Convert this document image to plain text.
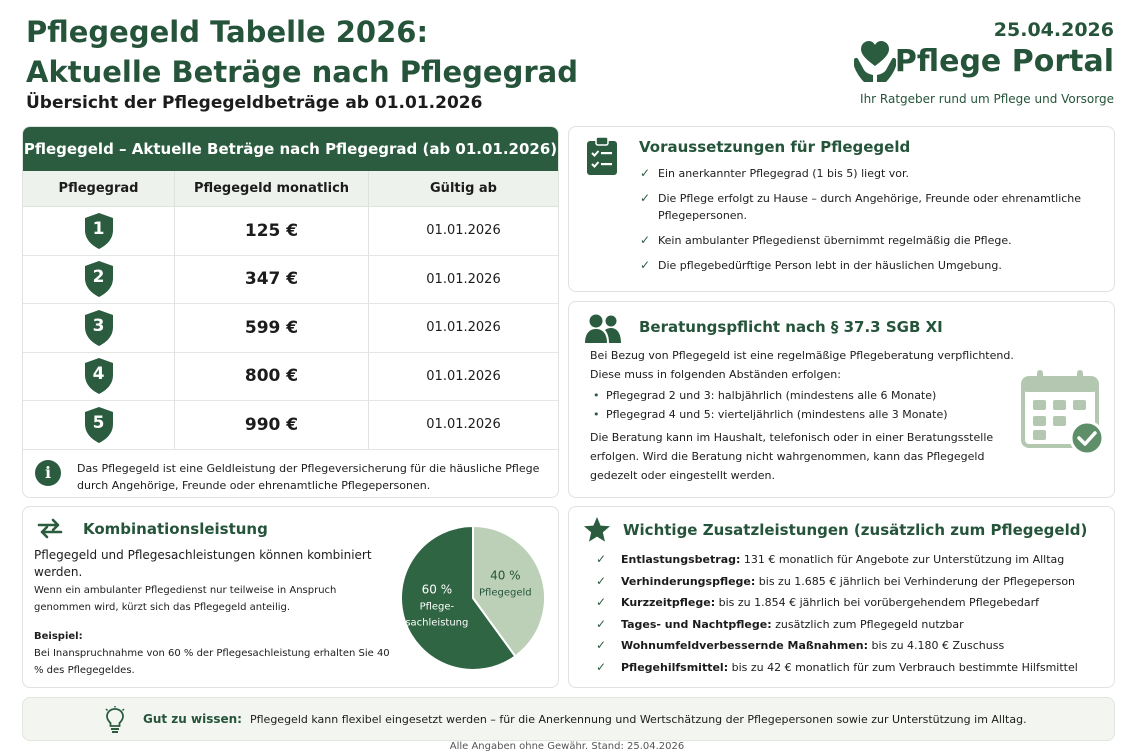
Pflegegeld Tabelle 2026:
Aktuelle Beträge nach Pflegegrad
Übersicht der Pflegegeldbeträge ab 01.01.2026
25.04.2026
Pflege Portal
Ihr Ratgeber rund um Pflege und Vorsorge
Pflegegeld – Aktuelle Beträge nach Pflegegrad (ab 01.01.2026)
Pflegegrad	Pflegegeld monatlich	Gültig ab
1	125 €	01.01.2026
2	347 €	01.01.2026
3	599 €	01.01.2026
4	800 €	01.01.2026
5	990 €	01.01.2026
i	Das Pflegegeld ist eine Geldleistung der Pflegeversicherung für die häusliche Pflege durch Angehörige, Freunde oder ehrenamtliche Pflegepersonen.

Voraussetzungen für Pflegegeld
✓ Ein anerkannter Pflegegrad (1 bis 5) liegt vor.
✓ Die Pflege erfolgt zu Hause – durch Angehörige, Freunde oder ehrenamtliche Pflegepersonen.
✓ Kein ambulanter Pflegedienst übernimmt regelmäßig die Pflege.
✓ Die pflegebedürftige Person lebt in der häuslichen Umgebung.
Beratungspflicht nach § 37.3 SGB XI

Bei Bezug von Pflegegeld ist eine regelmäßige Pflegeberatung verpflichtend. Diese muss in folgenden Abständen erfolgen:

• Pflegegrad 2 und 3: halbjährlich (mindestens alle 6 Monate)
• Pflegegrad 4 und 5: vierteljährlich (mindestens alle 3 Monate)

Die Beratung kann im Haushalt, telefonisch oder in einer Beratungsstelle erfolgen. Wird die Beratung nicht wahrgenommen, kann das Pflegegeld gedezelt oder eingestellt werden.

Kombinationsleistung

Pflegegeld und Pflegesachleistungen können kombiniert werden.

Wenn ein ambulanter Pflegedienst nur teilweise in Anspruch genommen wird, kürzt sich das Pflegegeld anteilig.

Beispiel:

Bei Inanspruchnahme von 60 % der Pflegesachleistung erhalten Sie 40 % des Pflegegeldes.

60 %
Pflege-
sachleistung
40 %
Pflegegeld
Wichtige Zusatzleistungen (zusätzlich zum Pflegegeld)
✓ Entlastungsbetrag: 131 € monatlich für Angebote zur Unterstützung im Alltag
✓ Verhinderungspflege: bis zu 1.685 € jährlich bei Verhinderung der Pflegeperson
✓ Kurzzeitpflege: bis zu 1.854 € jährlich bei vorübergehendem Pflegebedarf
✓ Tages- und Nachtpflege: zusätzlich zum Pflegegeld nutzbar
✓ Wohnumfeldverbessernde Maßnahmen: bis zu 4.180 € Zuschuss
✓ Pflegehilfsmittel: bis zu 42 € monatlich für zum Verbrauch bestimmte Hilfsmittel
Gut zu wissen: Pflegegeld kann flexibel eingesetzt werden – für die Anerkennung und Wertschätzung der Pflegepersonen sowie zur Unterstützung im Alltag.
Alle Angaben ohne Gewähr. Stand: 25.04.2026
